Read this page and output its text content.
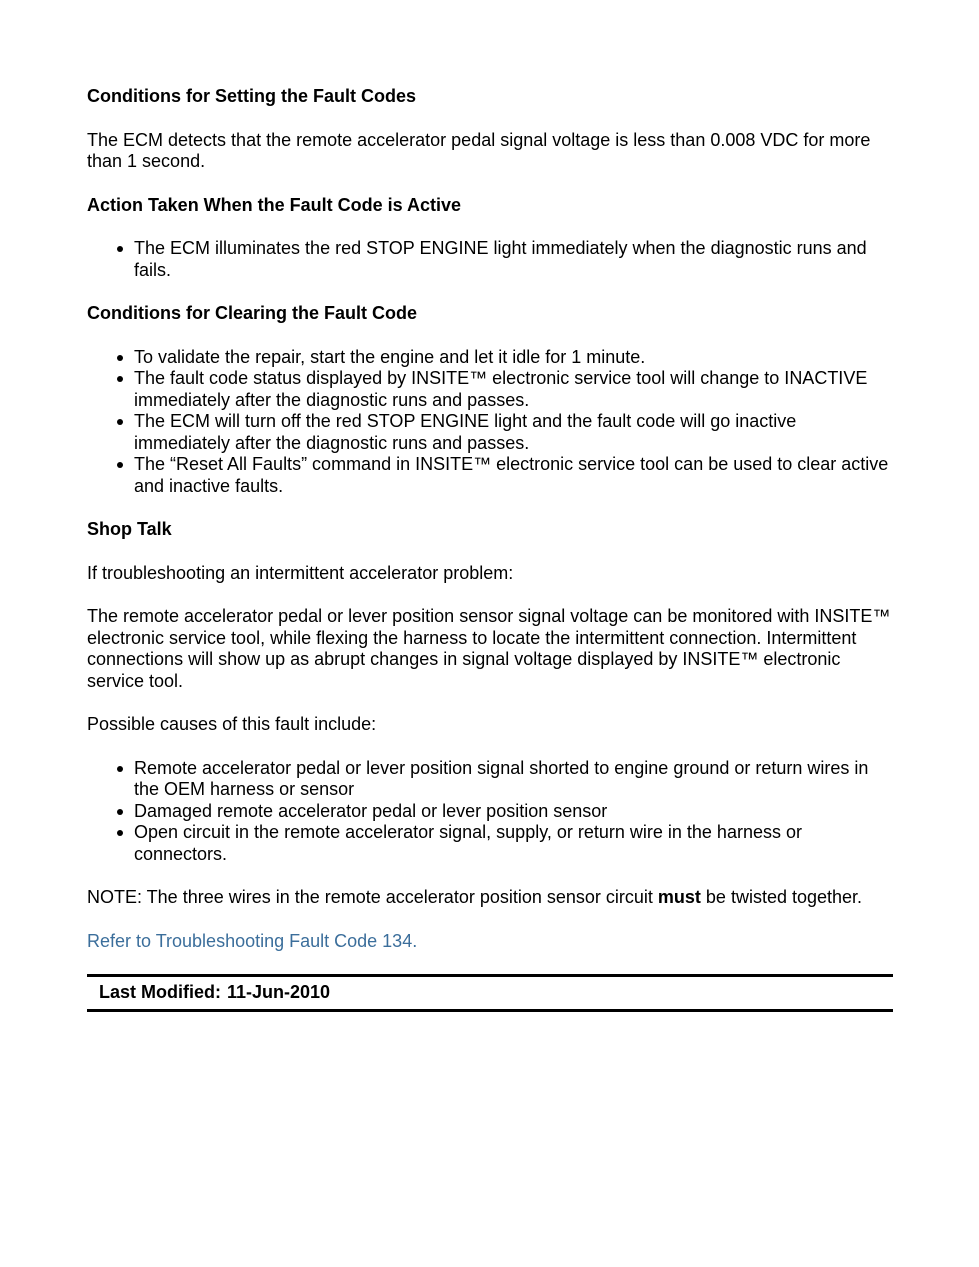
Conditions for Setting the Fault Codes

The ECM detects that the remote accelerator pedal signal voltage is less than 0.008 VDC for more than 1 second.

Action Taken When the Fault Code is Active
The ECM illuminates the red STOP ENGINE light immediately when the diagnostic runs and fails.
Conditions for Clearing the Fault Code
To validate the repair, start the engine and let it idle for 1 minute.
The fault code status displayed by INSITE™ electronic service tool will change to INACTIVE immediately after the diagnostic runs and passes.
The ECM will turn off the red STOP ENGINE light and the fault code will go inactive immediately after the diagnostic runs and passes.
The “Reset All Faults” command in INSITE™ electronic service tool can be used to clear active and inactive faults.
Shop Talk

If troubleshooting an intermittent accelerator problem:

The remote accelerator pedal or lever position sensor signal voltage can be monitored with INSITE™ electronic service tool, while flexing the harness to locate the intermittent connection. Intermittent connections will show up as abrupt changes in signal voltage displayed by INSITE™ electronic service tool.

Possible causes of this fault include:

Remote accelerator pedal or lever position signal shorted to engine ground or return wires in the OEM harness or sensor
Damaged remote accelerator pedal or lever position sensor
Open circuit in the remote accelerator signal, supply, or return wire in the harness or connectors.

NOTE: The three wires in the remote accelerator position sensor circuit must be twisted together.

Refer to Troubleshooting Fault Code 134.

Last Modified: 11-Jun-2010
